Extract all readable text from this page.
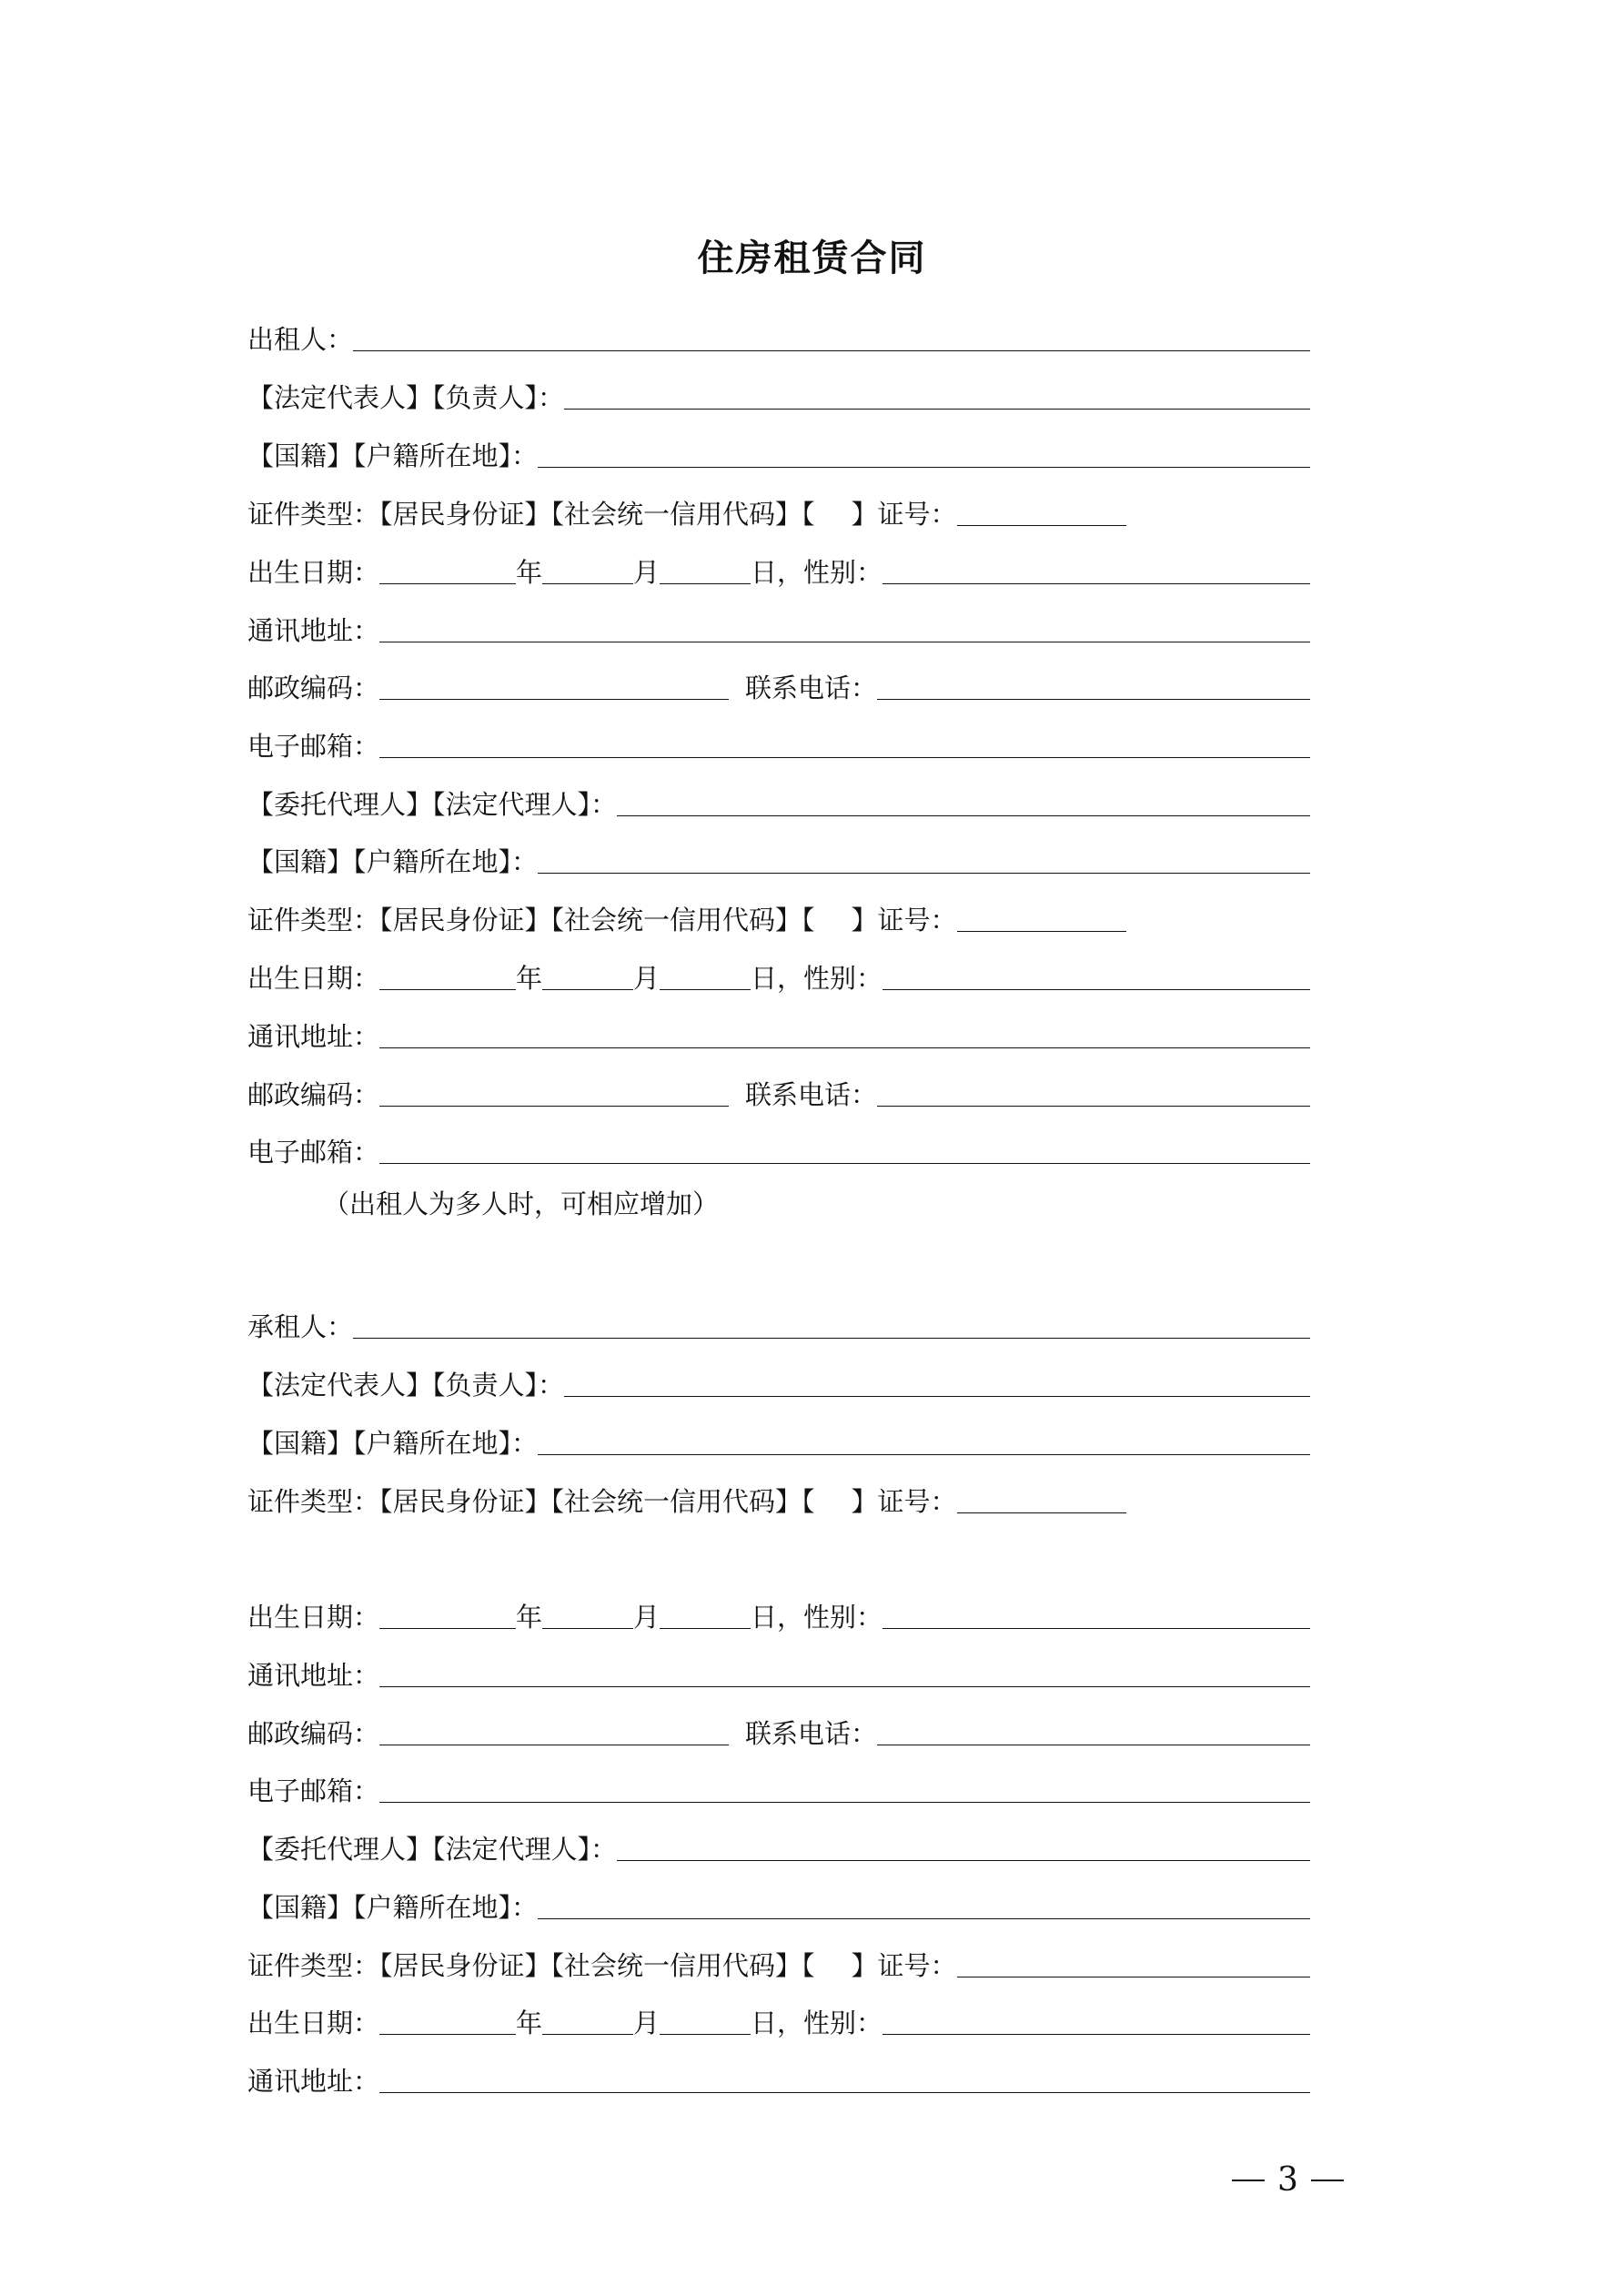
住房租赁合同
出租人：
【法定代表人】【负责人】：
【国籍】【户籍所在地】：
证件类型：【居民身份证】【社会统一信用代码】【 】证号：
出生日期：	年	月	日，性别：
通讯地址：
邮政编码：	联系电话：
电子邮箱：
【委托代理人】【法定代理人】：
【国籍】【户籍所在地】：
证件类型：【居民身份证】【社会统一信用代码】【 】证号：
出生日期：	年	月	日，性别：
通讯地址：
邮政编码：	联系电话：
电子邮箱：
（出租人为多人时，可相应增加）
承租人：
【法定代表人】【负责人】：
【国籍】【户籍所在地】：
证件类型：【居民身份证】【社会统一信用代码】【 】证号：
出生日期：	年	月	日，性别：
通讯地址：
邮政编码：	联系电话：
电子邮箱：
【委托代理人】【法定代理人】：
【国籍】【户籍所在地】：
证件类型：【居民身份证】【社会统一信用代码】【 】证号：
出生日期：	年	月	日，性别：
通讯地址：
3
